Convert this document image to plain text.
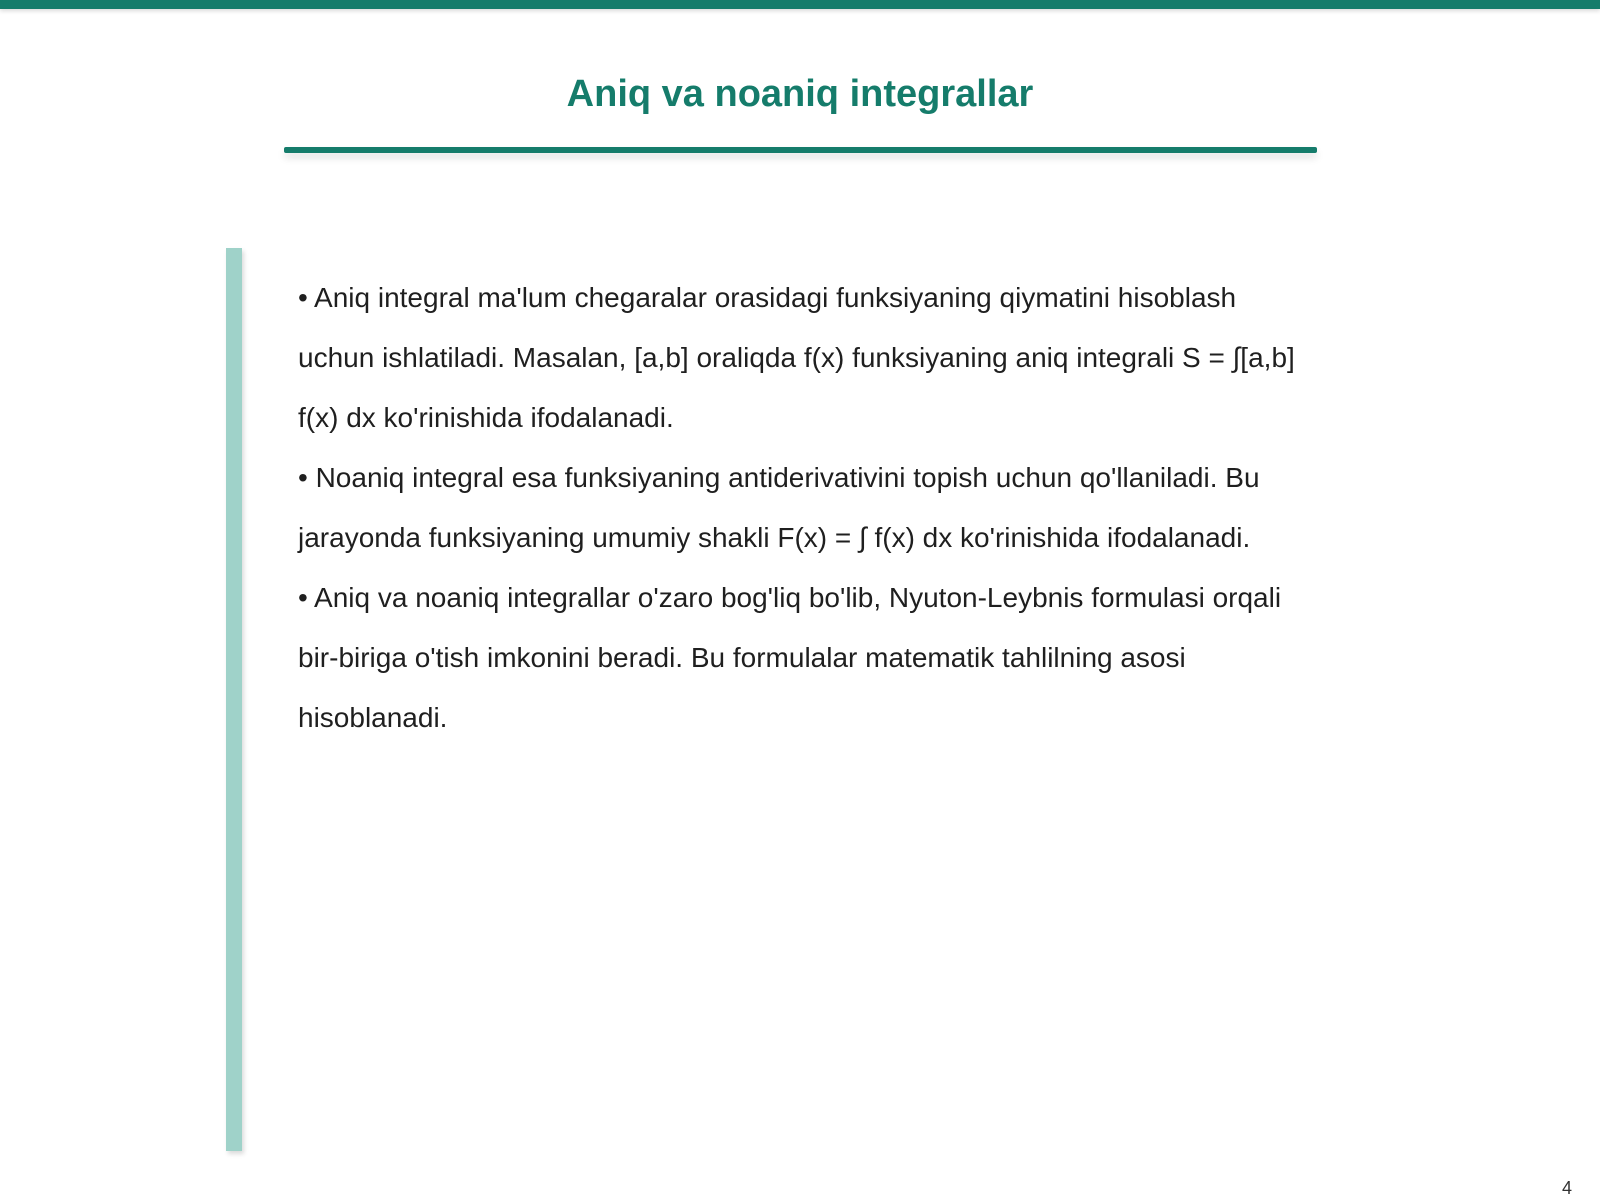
Aniq va noaniq integrallar

• Aniq integral ma'lum chegaralar orasidagi funksiyaning qiymatini hisoblash uchun ishlatiladi. Masalan, [a,b] oraliqda f(x) funksiyaning aniq integrali S = ∫[a,b] f(x) dx ko'rinishida ifodalanadi.

• Noaniq integral esa funksiyaning antiderivativini topish uchun qo'llaniladi. Bu jarayonda funksiyaning umumiy shakli F(x) = ∫ f(x) dx ko'rinishida ifodalanadi.

• Aniq va noaniq integrallar o'zaro bog'liq bo'lib, Nyuton-Leybnis formulasi orqali bir-biriga o'tish imkonini beradi. Bu formulalar matematik tahlilning asosi hisoblanadi.

4
